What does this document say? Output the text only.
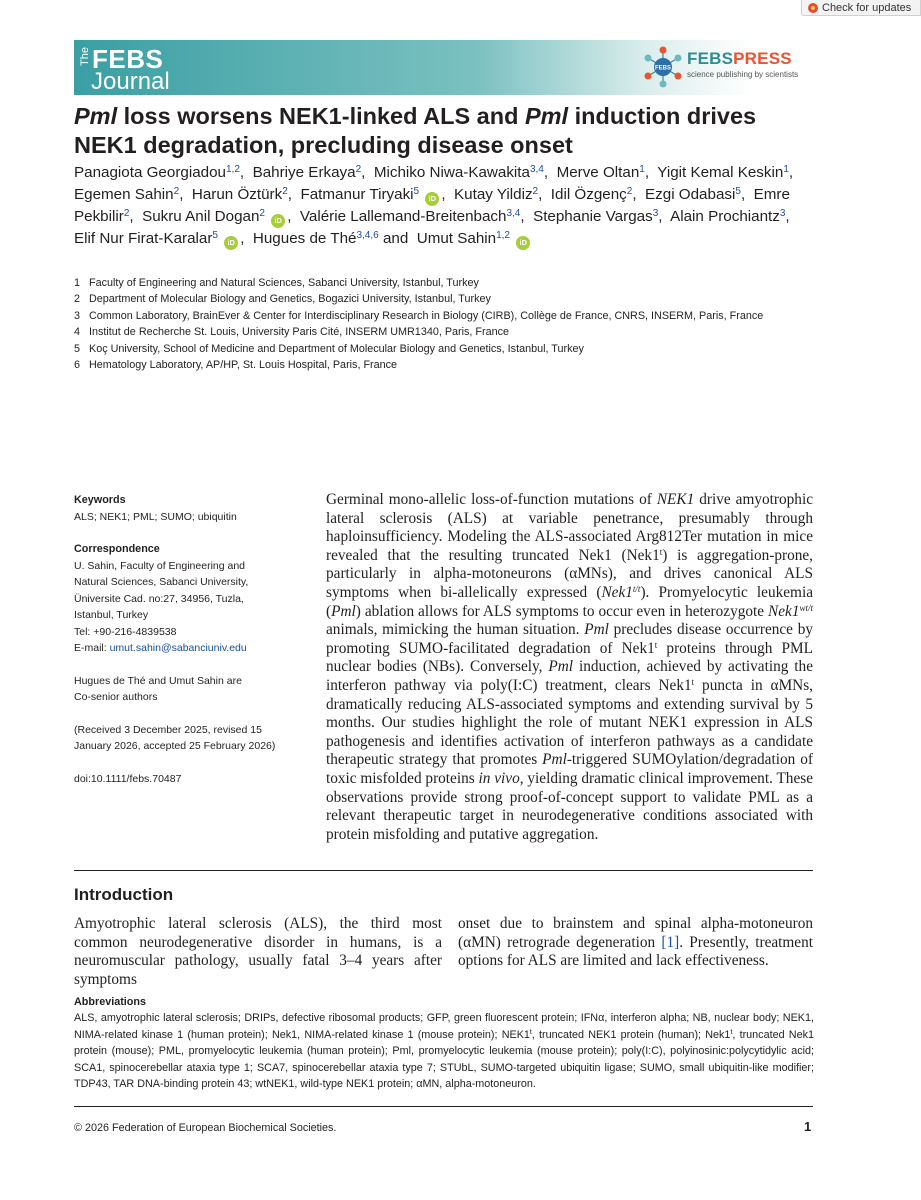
Check for updates
The FEBS
Journal	FEBS
FEBSPRESS
science publishing by scientists
Pml loss worsens NEK1-linked ALS and Pml induction drives NEK1 degradation, precluding disease onset
Panagiota Georgiadou$^{1,2}$,  Bahriye Erkaya$^2$,  Michiko Niwa-Kawakita$^{3,4}$,  Merve Oltan$^1$,  Yigit Kemal Keskin$^1$,  Egemen Sahin$^2$,  Harun Öztürk$^2$,  Fatmanur Tiryaki$^5$ iD ,  Kutay Yildiz$^2$,  Idil Özgenç$^2$,  Ezgi Odabasi$^5$,  Emre Pekbilir$^2$,  Sukru Anil Dogan$^2$ iD ,  Valérie Lallemand-Breitenbach$^{3,4}$,  Stephanie Vargas$^3$,  Alain Prochiantz$^3$,  Elif Nur Firat-Karalar$^5$ iD ,  Hugues de Thé$^{3,4,6}$ and  Umut Sahin$^{1,2}$ iD
1 Faculty of Engineering and Natural Sciences, Sabanci University, Istanbul, Turkey
2 Department of Molecular Biology and Genetics, Bogazici University, Istanbul, Turkey
3 Common Laboratory, BrainEver & Center for Interdisciplinary Research in Biology (CIRB), Collège de France, CNRS, INSERM, Paris, France
4 Institut de Recherche St. Louis, University Paris Cité, INSERM UMR1340, Paris, France
5 Koç University, School of Medicine and Department of Molecular Biology and Genetics, Istanbul, Turkey
6 Hematology Laboratory, AP/HP, St. Louis Hospital, Paris, France
Keywords
ALS; NEK1; PML; SUMO; ubiquitin
Correspondence
U. Sahin, Faculty of Engineering and
Natural Sciences, Sabanci University,
Üniversite Cad. no:27, 34956, Tuzla,
Istanbul, Turkey
Tel: +90-216-4839538
E-mail: umut.sahin@sabanciuniv.edu
Hugues de Thé and Umut Sahin are
Co-senior authors
(Received 3 December 2025, revised 15
January 2026, accepted 25 February 2026)
doi:10.1111/febs.70487
Germinal mono-allelic loss-of-function mutations of NEK1 drive amyotrophic lateral sclerosis (ALS) at variable penetrance, presumably through haploinsufficiency. Modeling the ALS-associated Arg812Ter mutation in mice revealed that the resulting truncated Nek1 (Nek1$^t$) is aggregation-prone, particularly in alpha-motoneurons (αMNs), and drives canonical ALS symptoms when bi-allelically expressed $(Nek1^{t/t})$. Promyelocytic leukemia (Pml) ablation allows for ALS symptoms to occur even in heterozygote $Nek1^{wt/t}$ animals, mimicking the human situation. Pml precludes disease occurrence by promoting SUMO-facilitated degradation of Nek1$^t$ proteins through PML nuclear bodies (NBs). Conversely, Pml induction, achieved by activating the interferon pathway via poly(I:C) treatment, clears Nek1$^t$ puncta in αMNs, dramatically reducing ALS-associated symptoms and extending survival by 5 months. Our studies highlight the role of mutant NEK1 expression in ALS pathogenesis and identifies activation of interferon pathways as a candidate therapeutic strategy that promotes Pml-triggered SUMOylation/degradation of toxic misfolded proteins in vivo, yielding dramatic clinical improvement. These observations provide strong proof-of-concept support to validate PML as a relevant therapeutic target in neurodegenerative conditions associated with protein misfolding and putative aggregation.
Introduction
Amyotrophic lateral sclerosis (ALS), the third most common neurodegenerative disorder in humans, is a neuromuscular pathology, usually fatal 3–4 years after symptoms
onset due to brainstem and spinal alpha-motoneuron (αMN) retrograde degeneration [1]. Presently, treatment options for ALS are limited and lack effectiveness.
Abbreviations
ALS, amyotrophic lateral sclerosis; DRIPs, defective ribosomal products; GFP, green fluorescent protein; IFNα, interferon alpha; NB, nuclear body; NEK1, NIMA-related kinase 1 (human protein); Nek1, NIMA-related kinase 1 (mouse protein); NEK1$^t$, truncated NEK1 protein (human); Nek1$^t$, truncated Nek1 protein (mouse); PML, promyelocytic leukemia (human protein); Pml, promyelocytic leukemia (mouse protein); poly(I:C), polyinosinic:polycytidylic acid; SCA1, spinocerebellar ataxia type 1; SCA7, spinocerebellar ataxia type 7; STUbL, SUMO-targeted ubiquitin ligase; SUMO, small ubiquitin-like modifier; TDP43, TAR DNA-binding protein 43; wtNEK1, wild-type NEK1 protein; αMN, alpha-motoneuron.
© 2026 Federation of European Biochemical Societies.	1
